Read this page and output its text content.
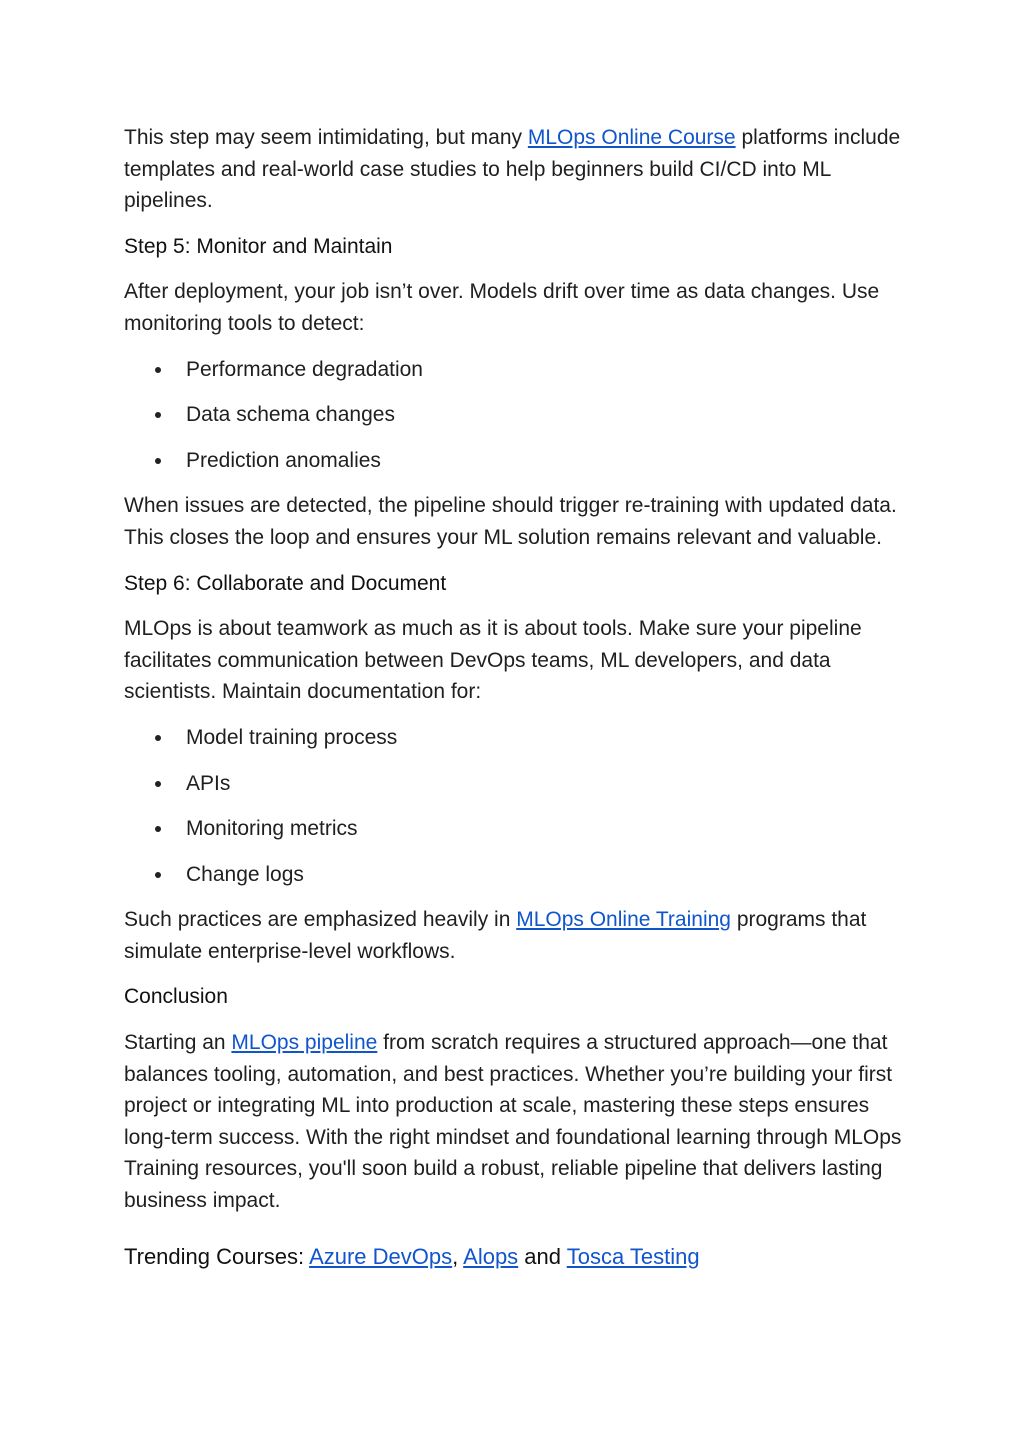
This step may seem intimidating, but many MLOps Online Course platforms include templates and real-world case studies to help beginners build CI/CD into ML pipelines.

Step 5: Monitor and Maintain

After deployment, your job isn’t over. Models drift over time as data changes. Use monitoring tools to detect:

Performance degradation
Data schema changes
Prediction anomalies

When issues are detected, the pipeline should trigger re-training with updated data. This closes the loop and ensures your ML solution remains relevant and valuable.

Step 6: Collaborate and Document

MLOps is about teamwork as much as it is about tools. Make sure your pipeline facilitates communication between DevOps teams, ML developers, and data scientists. Maintain documentation for:

Model training process
APIs
Monitoring metrics
Change logs

Such practices are emphasized heavily in MLOps Online Training programs that simulate enterprise-level workflows.

Conclusion

Starting an MLOps pipeline from scratch requires a structured approach—one that balances tooling, automation, and best practices. Whether you’re building your first project or integrating ML into production at scale, mastering these steps ensures long-term success. With the right mindset and foundational learning through MLOps Training resources, you'll soon build a robust, reliable pipeline that delivers lasting business impact.

Trending Courses: Azure DevOps, Alops and Tosca Testing
